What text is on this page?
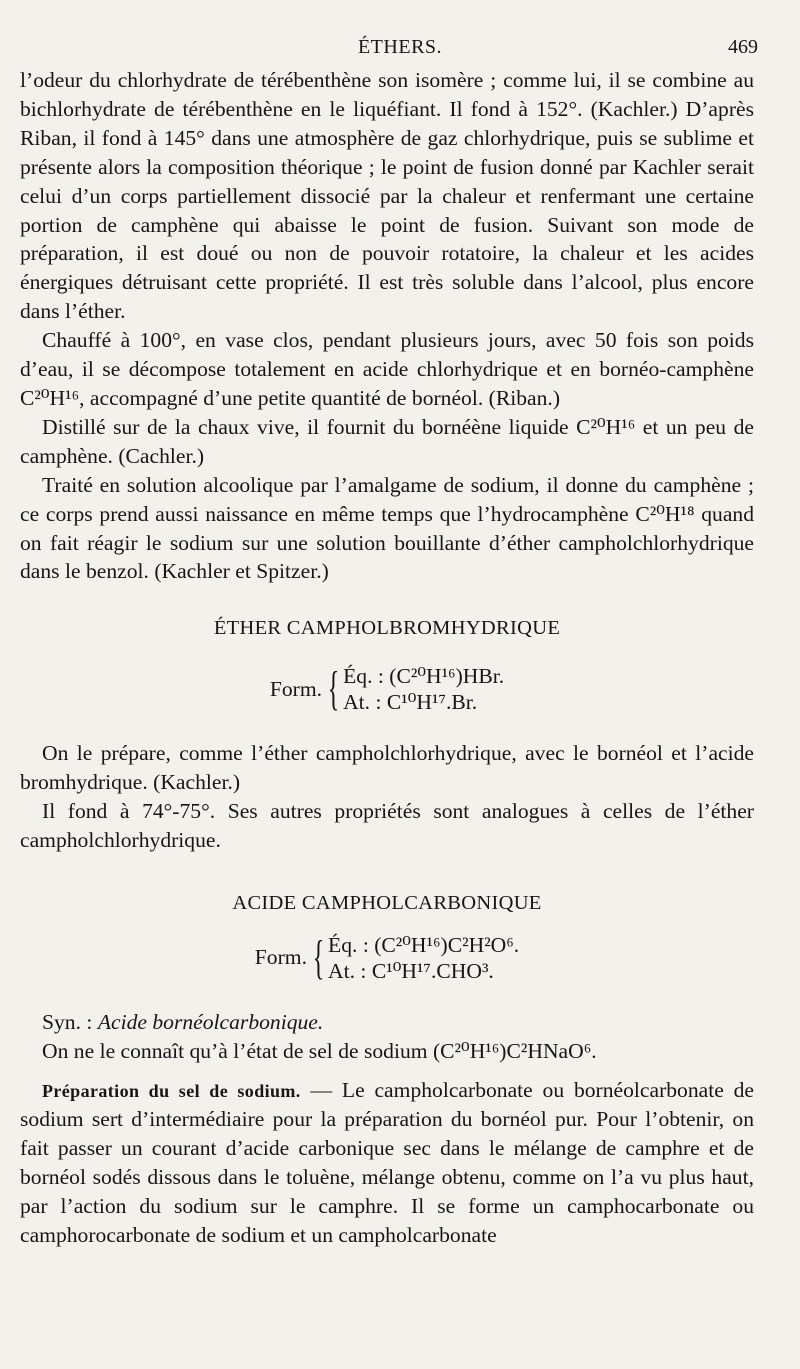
ÉTHERS.	469

l’odeur du chlorhydrate de térébenthène son isomère ; comme lui, il se combine au bichlorhydrate de térébenthène en le liquéfiant. Il fond à 152°. (Kachler.) D’après Riban, il fond à 145° dans une atmosphère de gaz chlorhydrique, puis se sublime et présente alors la composition théorique ; le point de fusion donné par Kachler serait celui d’un corps partiellement dissocié par la chaleur et renfermant une certaine portion de camphène qui abaisse le point de fusion. Suivant son mode de préparation, il est doué ou non de pouvoir rotatoire, la chaleur et les acides énergiques détruisant cette propriété. Il est très soluble dans l’alcool, plus encore dans l’éther.

Chauffé à 100°, en vase clos, pendant plusieurs jours, avec 50 fois son poids d’eau, il se décompose totalement en acide chlorhydrique et en bornéo-camphène C²⁰H¹⁶, accompagné d’une petite quantité de bornéol. (Riban.)

Distillé sur de la chaux vive, il fournit du bornéène liquide C²⁰H¹⁶ et un peu de camphène. (Cachler.)

Traité en solution alcoolique par l’amalgame de sodium, il donne du camphène ; ce corps prend aussi naissance en même temps que l’hydrocamphène C²⁰H¹⁸ quand on fait réagir le sodium sur une solution bouillante d’éther campholchlorhydrique dans le benzol. (Kachler et Spitzer.)

ÉTHER CAMPHOLBROMHYDRIQUE
Form. { Éq. : (C²⁰H¹⁶)HBr.
At. : C¹⁰H¹⁷.Br.

On le prépare, comme l’éther campholchlorhydrique, avec le bornéol et l’acide bromhydrique. (Kachler.)

Il fond à 74°-75°. Ses autres propriétés sont analogues à celles de l’éther campholchlorhydrique.

ACIDE CAMPHOLCARBONIQUE
Form. { Éq. : (C²⁰H¹⁶)C²H²O⁶.
At. : C¹⁰H¹⁷.CHO³.

Syn. : Acide bornéolcarbonique.

On ne le connaît qu’à l’état de sel de sodium (C²⁰H¹⁶)C²HNaO⁶.

Préparation du sel de sodium. — Le campholcarbonate ou bornéolcarbonate de sodium sert d’intermédiaire pour la préparation du bornéol pur. Pour l’obtenir, on fait passer un courant d’acide carbonique sec dans le mélange de camphre et de bornéol sodés dissous dans le toluène, mélange obtenu, comme on l’a vu plus haut, par l’action du sodium sur le camphre. Il se forme un camphocarbonate ou camphorocarbonate de sodium et un campholcarbonate
